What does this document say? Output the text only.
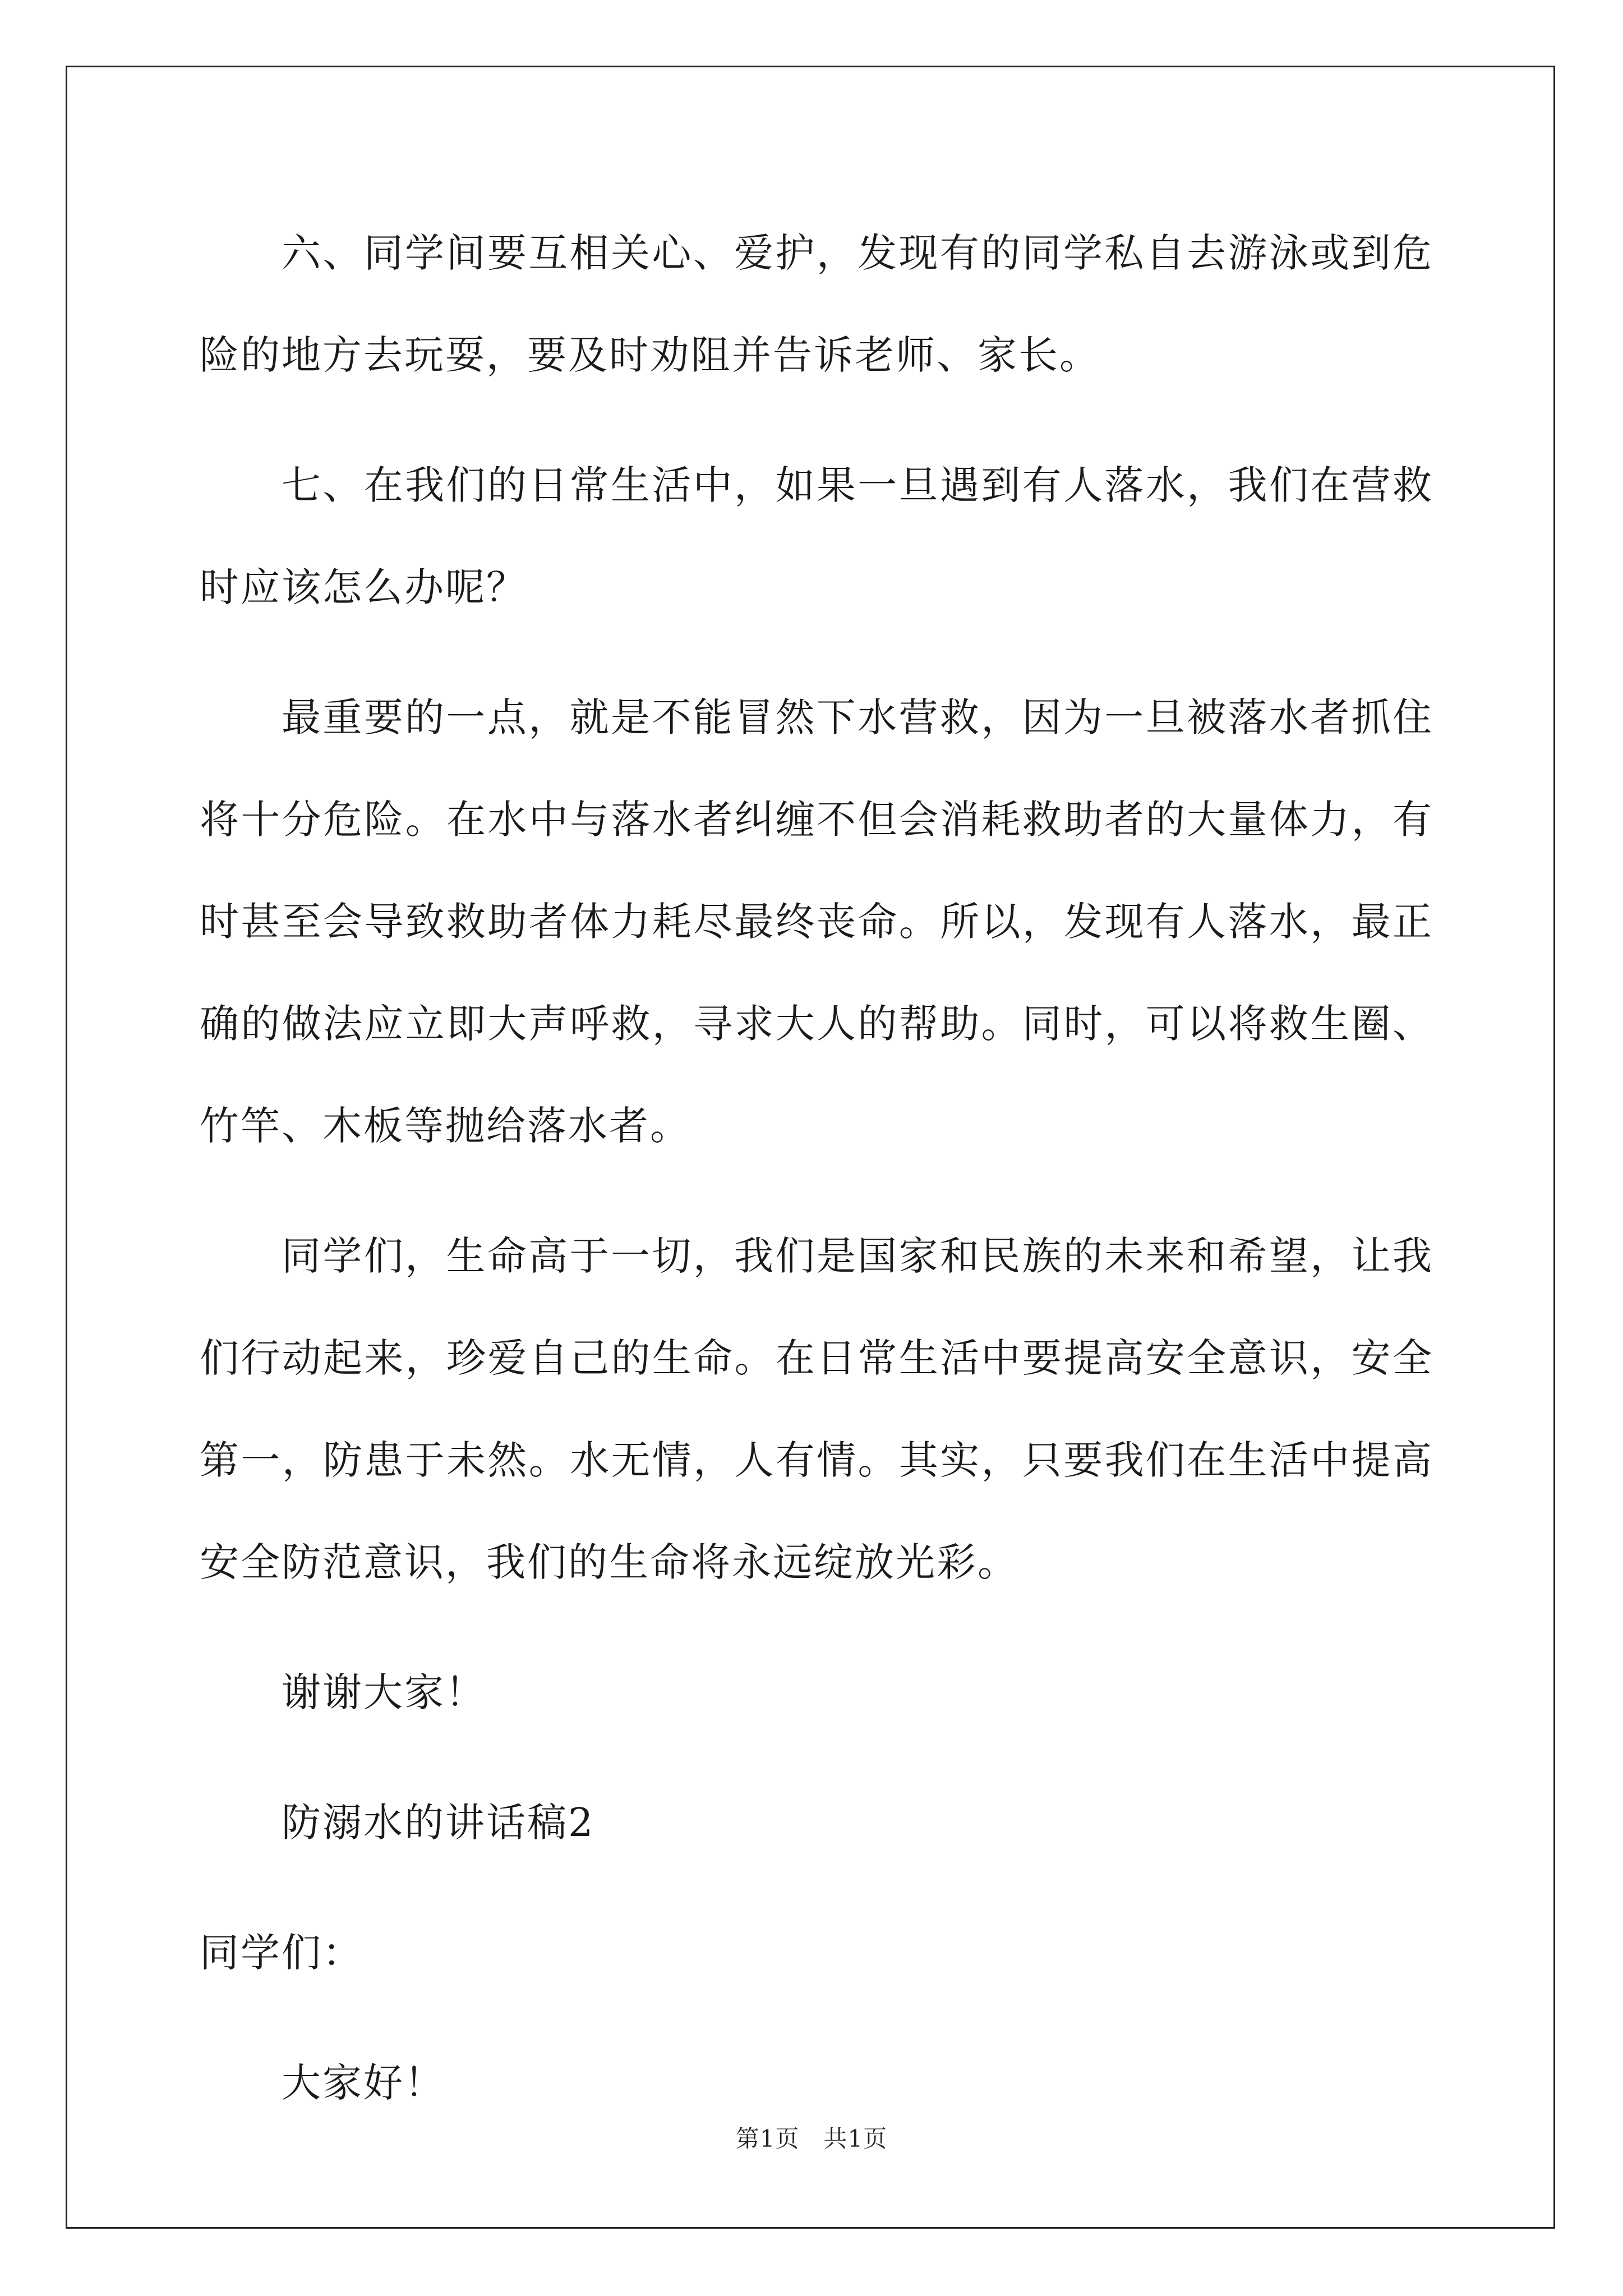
六、同学间要互相关心、爱护，发现有的同学私自去游泳或到危险的地方去玩耍，要及时劝阻并告诉老师、家长。

七、在我们的日常生活中，如果一旦遇到有人落水，我们在营救时应该怎么办呢？

最重要的一点，就是不能冒然下水营救，因为一旦被落水者抓住将十分危险。在水中与落水者纠缠不但会消耗救助者的大量体力，有时甚至会导致救助者体力耗尽最终丧命。所以，发现有人落水，最正确的做法应立即大声呼救，寻求大人的帮助。同时，可以将救生圈、竹竿、木板等抛给落水者。

同学们，生命高于一切，我们是国家和民族的未来和希望，让我们行动起来，珍爱自己的生命。在日常生活中要提高安全意识，安全第一，防患于未然。水无情，人有情。其实，只要我们在生活中提高安全防范意识，我们的生命将永远绽放光彩。

谢谢大家！

防溺水的讲话稿2

同学们：

大家好！

第1页　共1页
